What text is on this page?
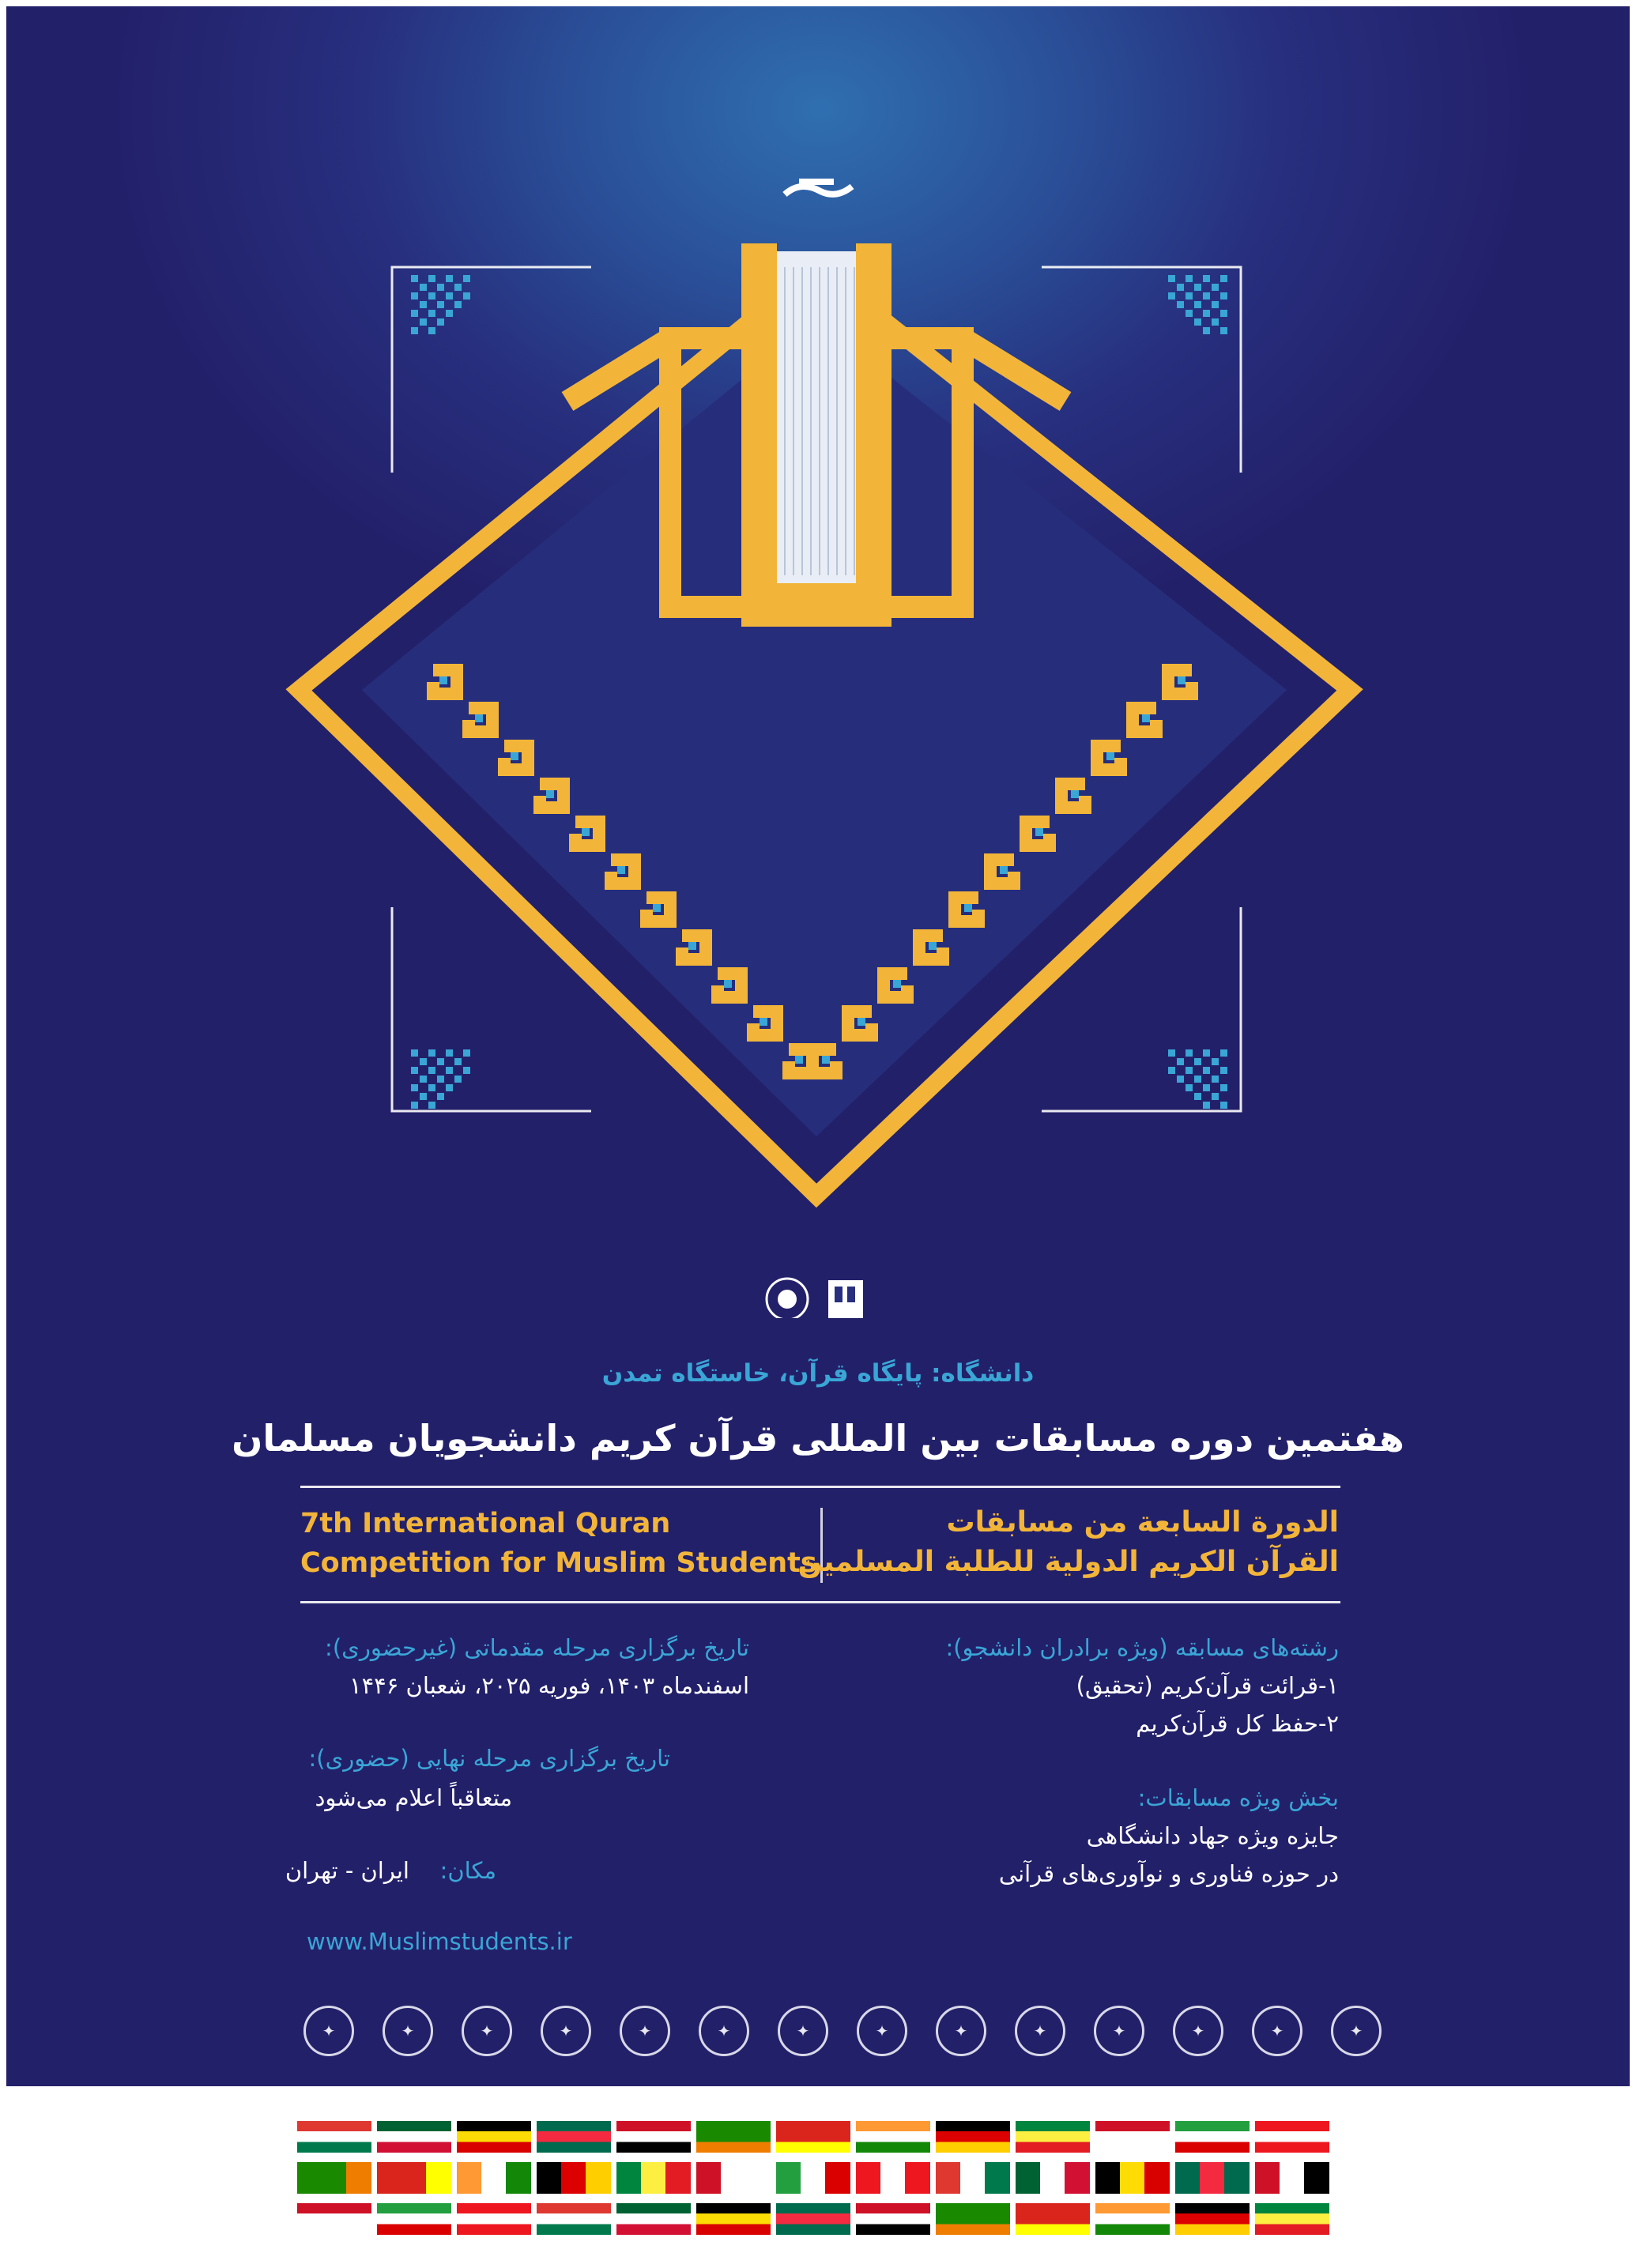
دانشگاه: پایگاه قرآن، خاستگاه تمدن
هفتمین دوره مسابقات بین المللی قرآن کریم دانشجویان مسلمان
7th International Quran
Competition for Muslim Students
الدورة السابعة من مسابقات
القرآن الكريم الدولية للطلبة المسلمين
تاریخ برگزاری مرحله مقدماتی (غیرحضوری):
اسفندماه ۱۴۰۳، فوریه ۲۰۲۵، شعبان ۱۴۴۶
تاریخ برگزاری مرحله نهایی (حضوری):
متعاقباً اعلام می‌شود
مکان:
ایران - تهران
www.Muslimstudents.ir
رشته‌های مسابقه (ویژه برادران دانشجو):
۱-قرائت قرآن‌کریم (تحقیق)
۲-حفظ کل قرآن‌کریم
بخش ویژه مسابقات:
جایزه ویژه جهاد دانشگاهی
در حوزه فناوری و نوآوری‌های قرآنی
✦	✦	✦	✦	✦	✦	✦	✦	✦	✦	✦	✦	✦	✦
